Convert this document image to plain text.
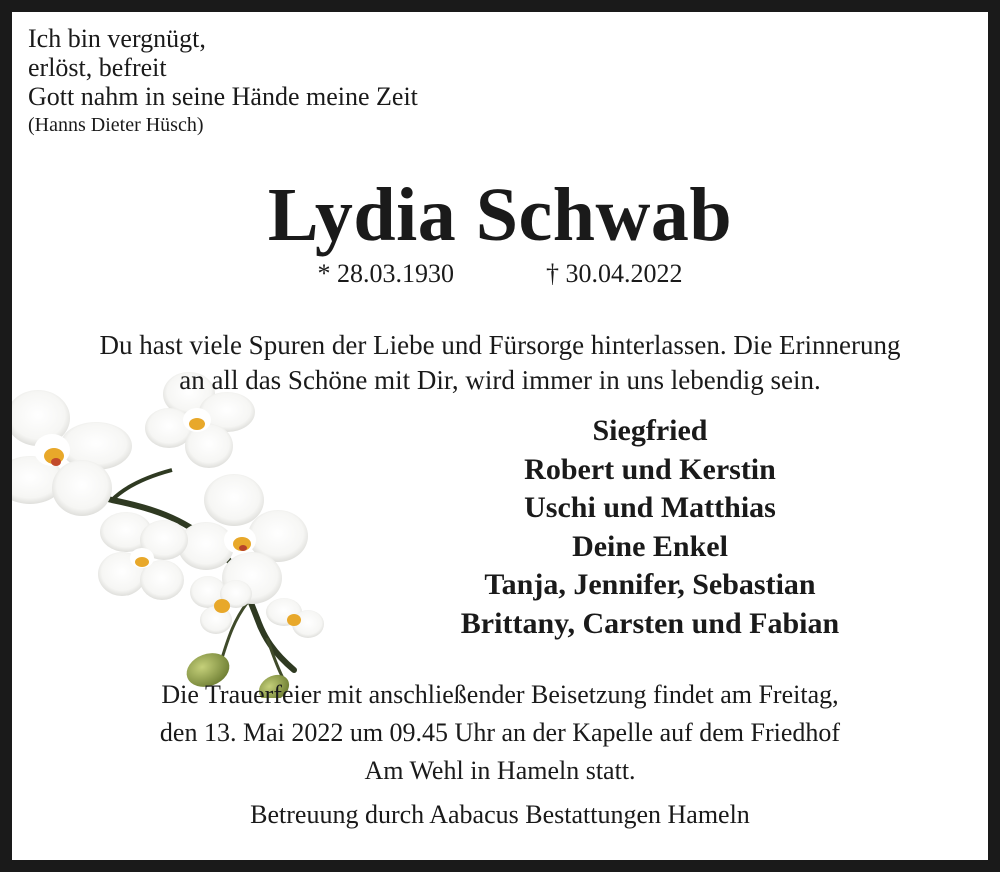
Ich bin vergnügt,
erlöst, befreit
Gott nahm in seine Hände meine Zeit
(Hanns Dieter Hüsch)
Lydia Schwab
* 28.03.1930	† 30.04.2022
Du hast viele Spuren der Liebe und Fürsorge hinterlassen. Die Erinnerung
an all das Schöne mit Dir, wird immer in uns lebendig sein.
Siegfried
Robert und Kerstin
Uschi und Matthias
Deine Enkel
Tanja, Jennifer, Sebastian
Brittany, Carsten und Fabian
Die Trauerfeier mit anschließender Beisetzung findet am Freitag,
den 13. Mai 2022 um 09.45 Uhr an der Kapelle auf dem Friedhof
Am Wehl in Hameln statt.
Betreuung durch Aabacus Bestattungen Hameln
